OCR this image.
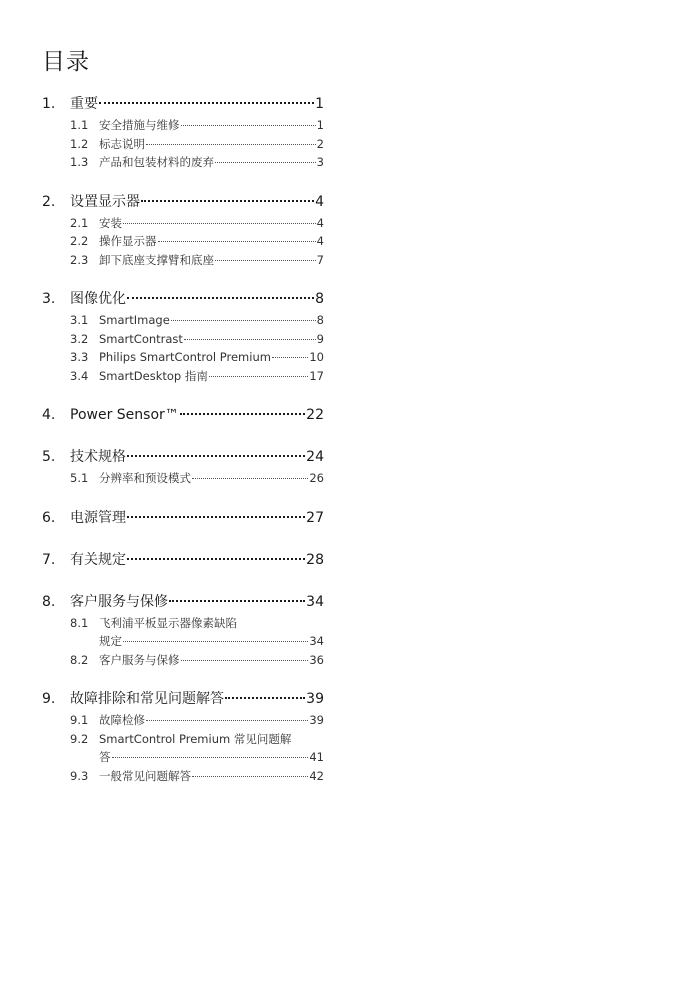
目录
1.	重要	1
1.1 安全措施与维修	1
1.2 标志说明	2
1.3 产品和包装材料的废弃	3
2.	设置显示器	4
2.1 安装	4
2.2 操作显示器	4
2.3 卸下底座支撑臂和底座	7
3.	图像优化	8
3.1 SmartImage	8
3.2 SmartContrast	9
3.3 Philips SmartControl Premium	10
3.4 SmartDesktop 指南	17
4.	Power Sensor™	22
5.	技术规格	24
5.1 分辨率和预设模式	26
6.	电源管理	27
7.	有关规定	28
8.	客户服务与保修	34
8.1 飞利浦平板显示器像素缺陷
规定	34
8.2 客户服务与保修	36
9.	故障排除和常见问题解答	39
9.1 故障检修	39
9.2 SmartControl Premium 常见问题解
答	41
9.3 一般常见问题解答	42
